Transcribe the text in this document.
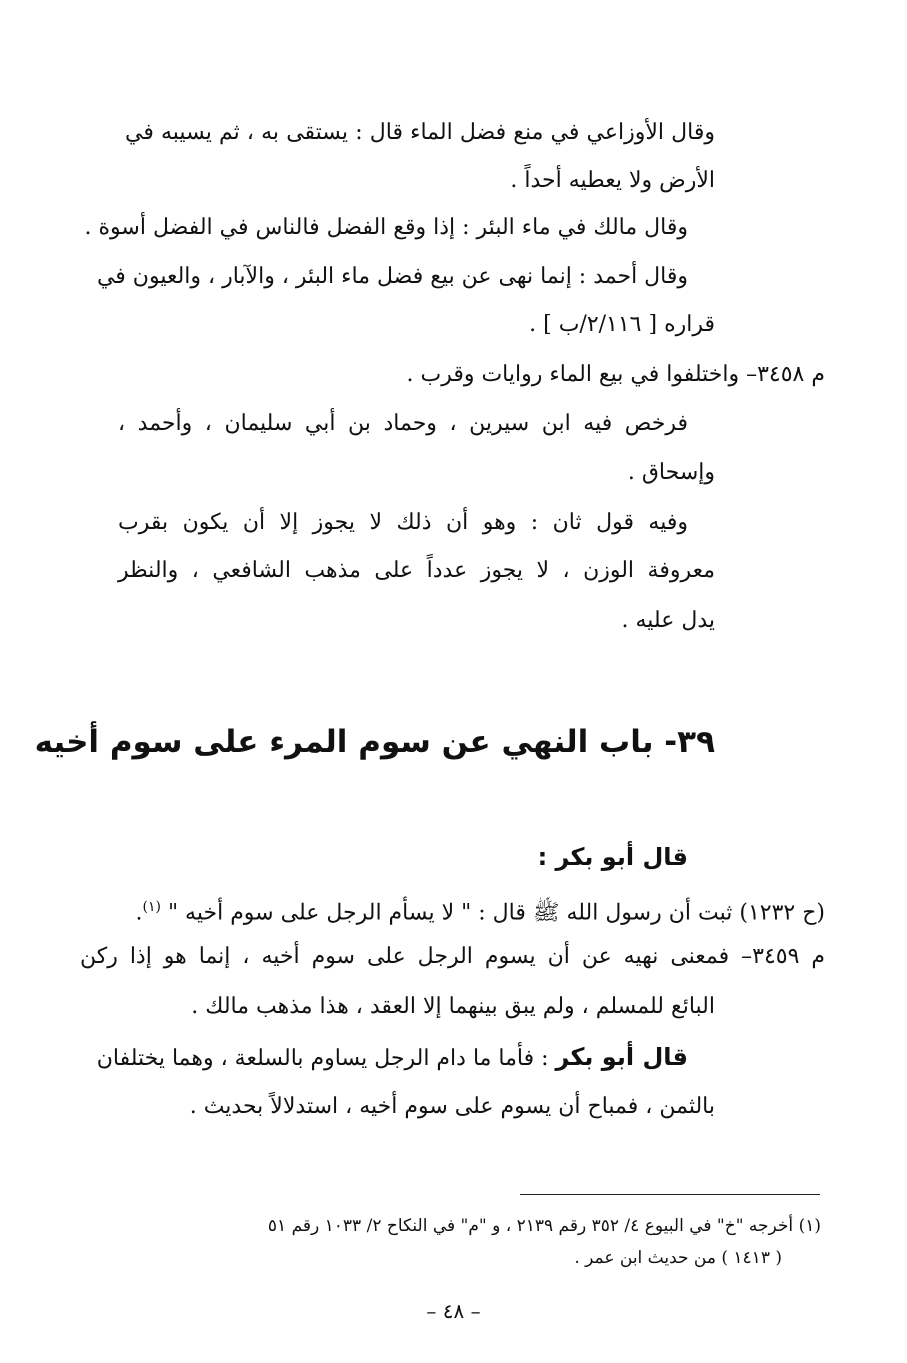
وقال الأوزاعي في منع فضل الماء قال : يستقى به ، ثم يسيبه في
الأرض ولا يعطيه أحداً .
وقال مالك في ماء البئر : إذا وقع الفضل فالناس في الفضل أسوة .
وقال أحمد : إنما نهى عن بيع فضل ماء البئر ، والآبار ، والعيون في
قراره [ ٢/١١٦/ب ] .
م ٣٤٥٨– واختلفوا في بيع الماء روايات وقرب .
فرخص فيه ابن سيرين ، وحماد بن أبي سليمان ، وأحمد ،
وإسحاق .
وفيه قول ثان : وهو أن ذلك لا يجوز إلا أن يكون بقرب
معروفة الوزن ، لا يجوز عدداً على مذهب الشافعي ، والنظر
يدل عليه .
٣٩- باب النهي عن سوم المرء على سوم أخيه
قال أبو بكر :
(ح ١٢٣٢) ثبت أن رسول الله ﷺ قال : " لا يسأم الرجل على سوم أخيه " $^{(١)}$.
م ٣٤٥٩– فمعنى نهيه عن أن يسوم الرجل على سوم أخيه ، إنما هو إذا ركن
البائع للمسلم ، ولم يبق بينهما إلا العقد ، هذا مذهب مالك .
قال أبو بكر : فأما ما دام الرجل يساوم بالسلعة ، وهما يختلفان
بالثمن ، فمباح أن يسوم على سوم أخيه ، استدلالاً بحديث .
(١) أخرجه "خ" في البيوع ٤/ ٣٥٢ رقم ٢١٣٩ ، و "م" في النكاح ٢/ ١٠٣٣ رقم ٥١
( ١٤١٣ ) من حديث ابن عمر .
– ٤٨ –
